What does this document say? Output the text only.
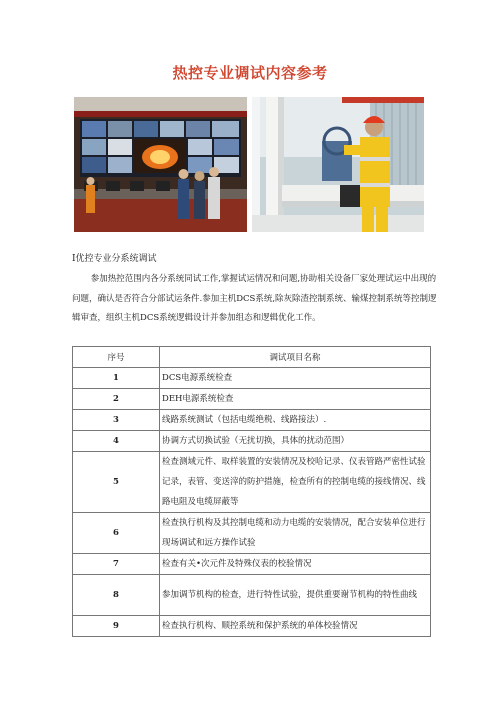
热控专业调试内容参考
I优控专业分系统调试

参加热控范围内各分系统同试工作,掌握试运情况和问题,协助相关设备厂家处理试运中出现的问题，确认是否符合分部试运条件.参加主机DCS系统,除灰除渣控制系统、输煤控制系统等控制逻辑审查，组织主机DCS系统逻辑设计并参加组态和逻辑优化工作。

序号	调试项目名称
1	DCS电源系统检查
2	DEH电源系统检查
3	线路系统测试（包括电缆绝税、线路接法）.
4	协调方式切换试验（无扰切换，具体的扰动范围）
5	检查测域元件、取样装置的安装情况及校哈记录、仪表管路严密性试验记录，表管、变送滓的防护措施，检查所有的控制电缆的接线情况、线路电阻及电缆屏蔽等
6	检查执行机构及其控制电缆和动力电缆的安装情况，配合安装单位进行现场调试和远方操作试验
7	检查有关•次元件及特殊仪表的校验情况
8	参加调节机构的检查，进行特性试验，提供重要谢节机构的特性曲线
9	检查执行机构、顺控系统和保护系统的单体校验情况
